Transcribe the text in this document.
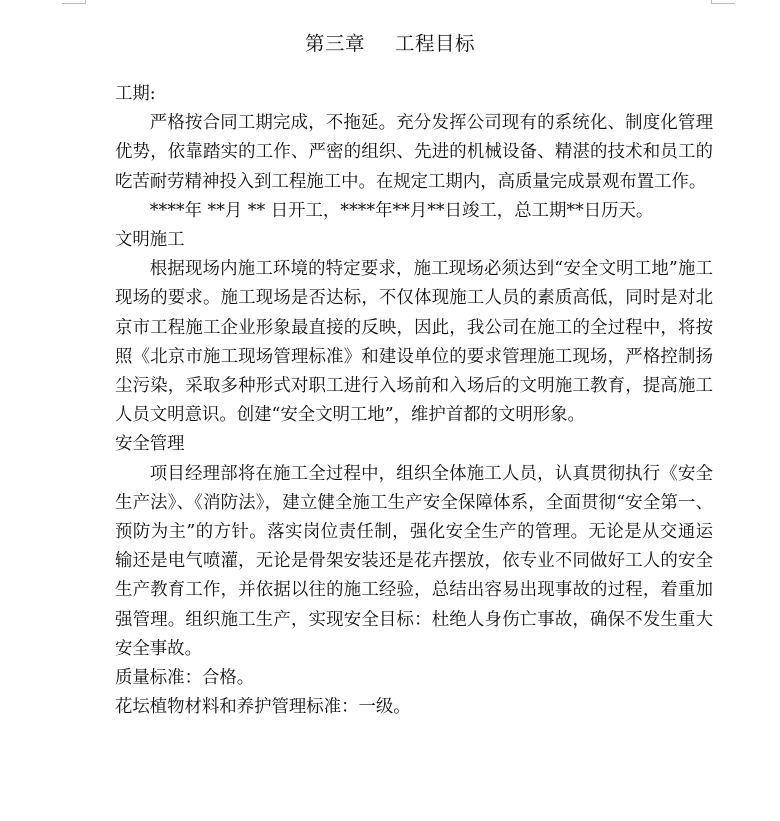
第三章 工程目标

工期:

严格按合同工期完成，不拖延。充分发挥公司现有的系统化、制度化管理优势，依靠踏实的工作、严密的组织、先进的机械设备、精湛的技术和员工的吃苦耐劳精神投入到工程施工中。在规定工期内，高质量完成景观布置工作。

****年 **月 ** 日开工，****年**月**日竣工，总工期**日历天。

文明施工

根据现场内施工环境的特定要求，施工现场必须达到“安全文明工地”施工现场的要求。施工现场是否达标，不仅体现施工人员的素质高低，同时是对北京市工程施工企业形象最直接的反映，因此，我公司在施工的全过程中，将按照《北京市施工现场管理标准》和建设单位的要求管理施工现场，严格控制扬尘污染，采取多种形式对职工进行入场前和入场后的文明施工教育，提高施工人员文明意识。创建“安全文明工地”，维护首都的文明形象。

安全管理

项目经理部将在施工全过程中，组织全体施工人员，认真贯彻执行《安全生产法》、《消防法》，建立健全施工生产安全保障体系，全面贯彻“安全第一、预防为主”的方针。落实岗位责任制，强化安全生产的管理。无论是从交通运输还是电气喷灌，无论是骨架安装还是花卉摆放，依专业不同做好工人的安全生产教育工作，并依据以往的施工经验，总结出容易出现事故的过程，着重加强管理。组织施工生产，实现安全目标：杜绝人身伤亡事故，确保不发生重大安全事故。

质量标准：合格。

花坛植物材料和养护管理标准：一级。
